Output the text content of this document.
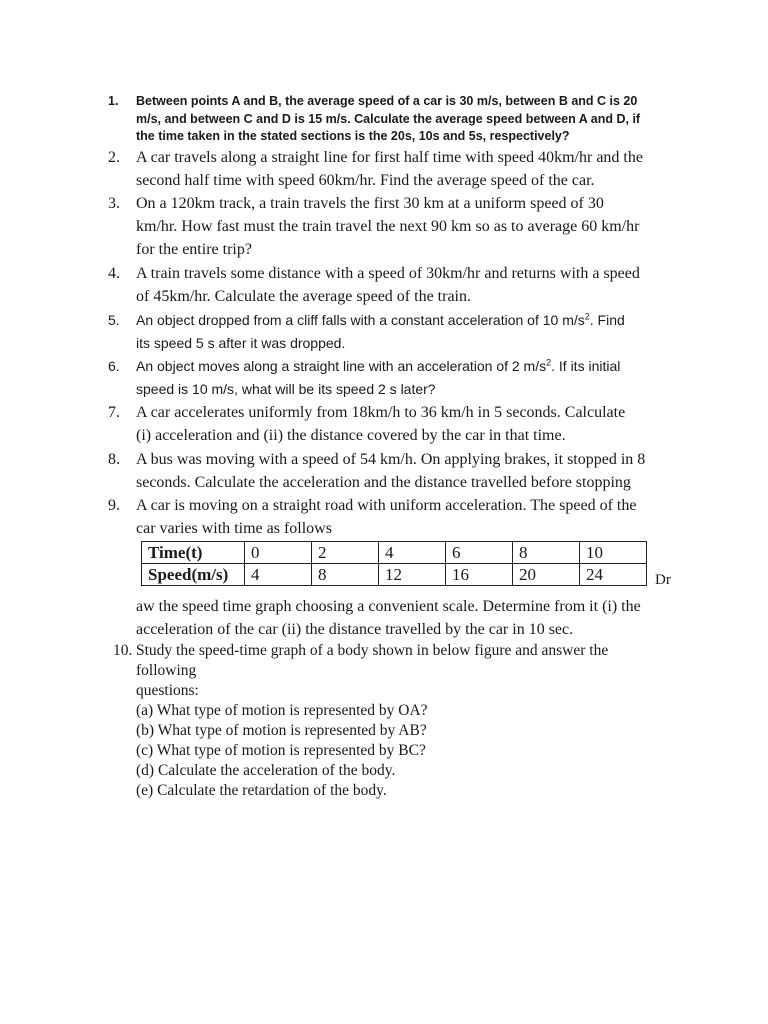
1. Between points A and B, the average speed of a car is 30 m/s, between B and C is 20
m/s, and between C and D is 15 m/s. Calculate the average speed between A and D, if
the time taken in the stated sections is the 20s, 10s and 5s, respectively?
2. A car travels along a straight line for first half time with speed 40km/hr and the
second half time with speed 60km/hr. Find the average speed of the car.
3. On a 120km track, a train travels the first 30 km at a uniform speed of 30
km/hr. How fast must the train travel the next 90 km so as to average 60 km/hr
for the entire trip?
4. A train travels some distance with a speed of 30km/hr and returns with a speed
of 45km/hr. Calculate the average speed of the train.
5. An object dropped from a cliff falls with a constant acceleration of 10 $m/s^2$. Find
its speed 5 s after it was dropped.
6. An object moves along a straight line with an acceleration of 2 $m/s^2$. If its initial
speed is 10 m/s, what will be its speed 2 s later?
7. A car accelerates uniformly from 18km/h to 36 km/h in 5 seconds. Calculate
(i) acceleration and (ii) the distance covered by the car in that time.
8. A bus was moving with a speed of 54 km/h. On applying brakes, it stopped in 8
seconds. Calculate the acceleration and the distance travelled before stopping
9. A car is moving on a straight road with uniform acceleration. The speed of the
car varies with time as follows
Time(t)	0	2	4	6	8	10
Speed(m/s)	4	8	12	16	20	24	Dr
aw the speed time graph choosing a convenient scale. Determine from it (i) the
acceleration of the car (ii) the distance travelled by the car in 10 sec.
10. Study the speed-time graph of a body shown in below figure and answer the
following
questions:
(a) What type of motion is represented by OA?
(b) What type of motion is represented by AB?
(c) What type of motion is represented by BC?
(d) Calculate the acceleration of the body.
(e) Calculate the retardation of the body.
